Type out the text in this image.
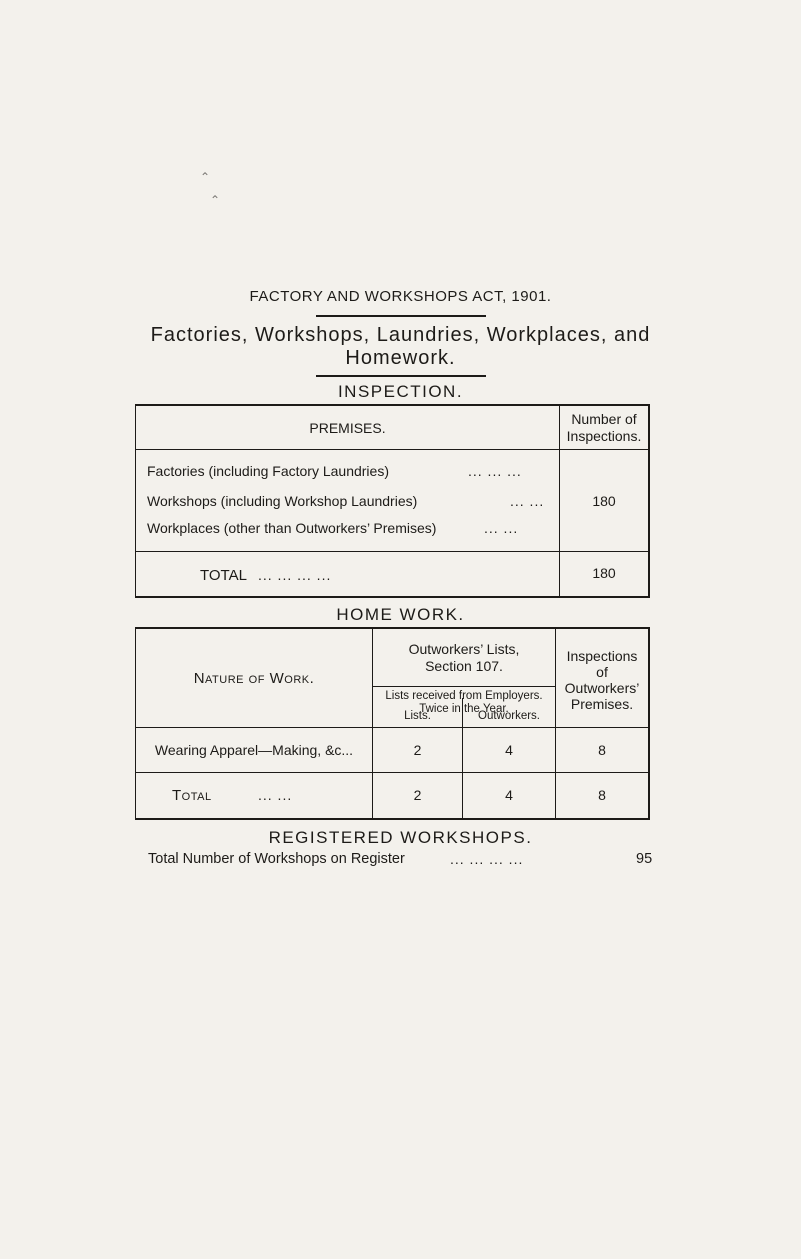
⌃
⌃
FACTORY AND WORKSHOPS ACT, 1901.
Factories, Workshops, Laundries, Workplaces, and
Homework.
INSPECTION.
PREMISES.
Number of
Inspections.
Factories (including Factory Laundries)	... ... ...
Workshops (including Workshop Laundries)	... ...
Workplaces (other than Outworkers’ Premises)	... ...
180
TOTAL ... ... ... ...	180
HOME WORK.
Nature of Work.
Outworkers’ Lists,
Section 107.
Lists received from Employers.
Twice in the Year.
Lists.	Outworkers.
Inspections
of
Outworkers’
Premises.
Wearing Apparel—Making, &c...	2	4	8
Total	... ...	2	4	8
REGISTERED WORKSHOPS.
Total Number of Workshops on Register	... ... ... ...	95
